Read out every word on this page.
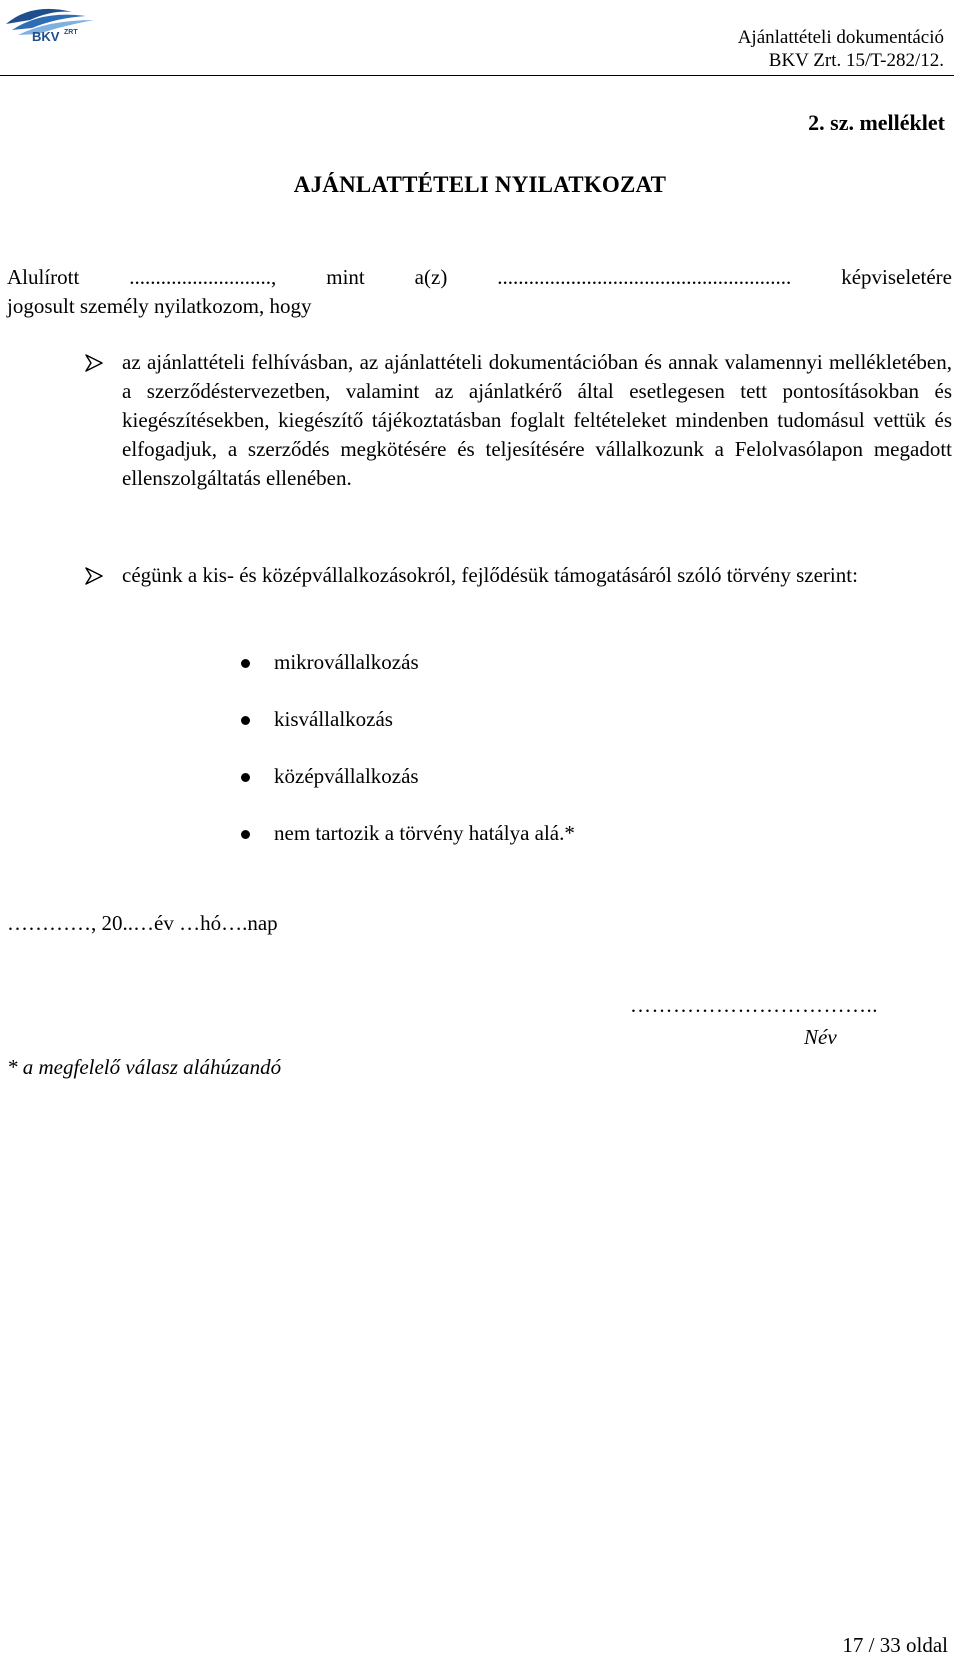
BKV ZRT	Ajánlattételi dokumentáció
BKV Zrt. 15/T-282/12.
2. sz. melléklet
AJÁNLATTÉTELI NYILATKOZAT
Alulírott ..........................., mint a(z) ........................................................ képviseletére
jogosult személy nyilatkozom, hogy
az ajánlattételi felhívásban, az ajánlattételi dokumentációban és annak valamennyi mellékletében, a szerződéstervezetben, valamint az ajánlatkérő által esetlegesen tett pontosításokban és kiegészítésekben, kiegészítő tájékoztatásban foglalt feltételeket mindenben tudomásul vettük és elfogadjuk, a szerződés megkötésére és teljesítésére vállalkozunk a Felolvasólapon megadott ellenszolgáltatás ellenében.
cégünk a kis- és középvállalkozásokról, fejlődésük támogatásáról szóló törvény szerint:
mikrovállalkozás
kisvállalkozás
középvállalkozás
nem tartozik a törvény hatálya alá.*
…………, 20..…év …hó….nap
……………………………..
Név
* a megfelelő válasz aláhúzandó
17 / 33 oldal
